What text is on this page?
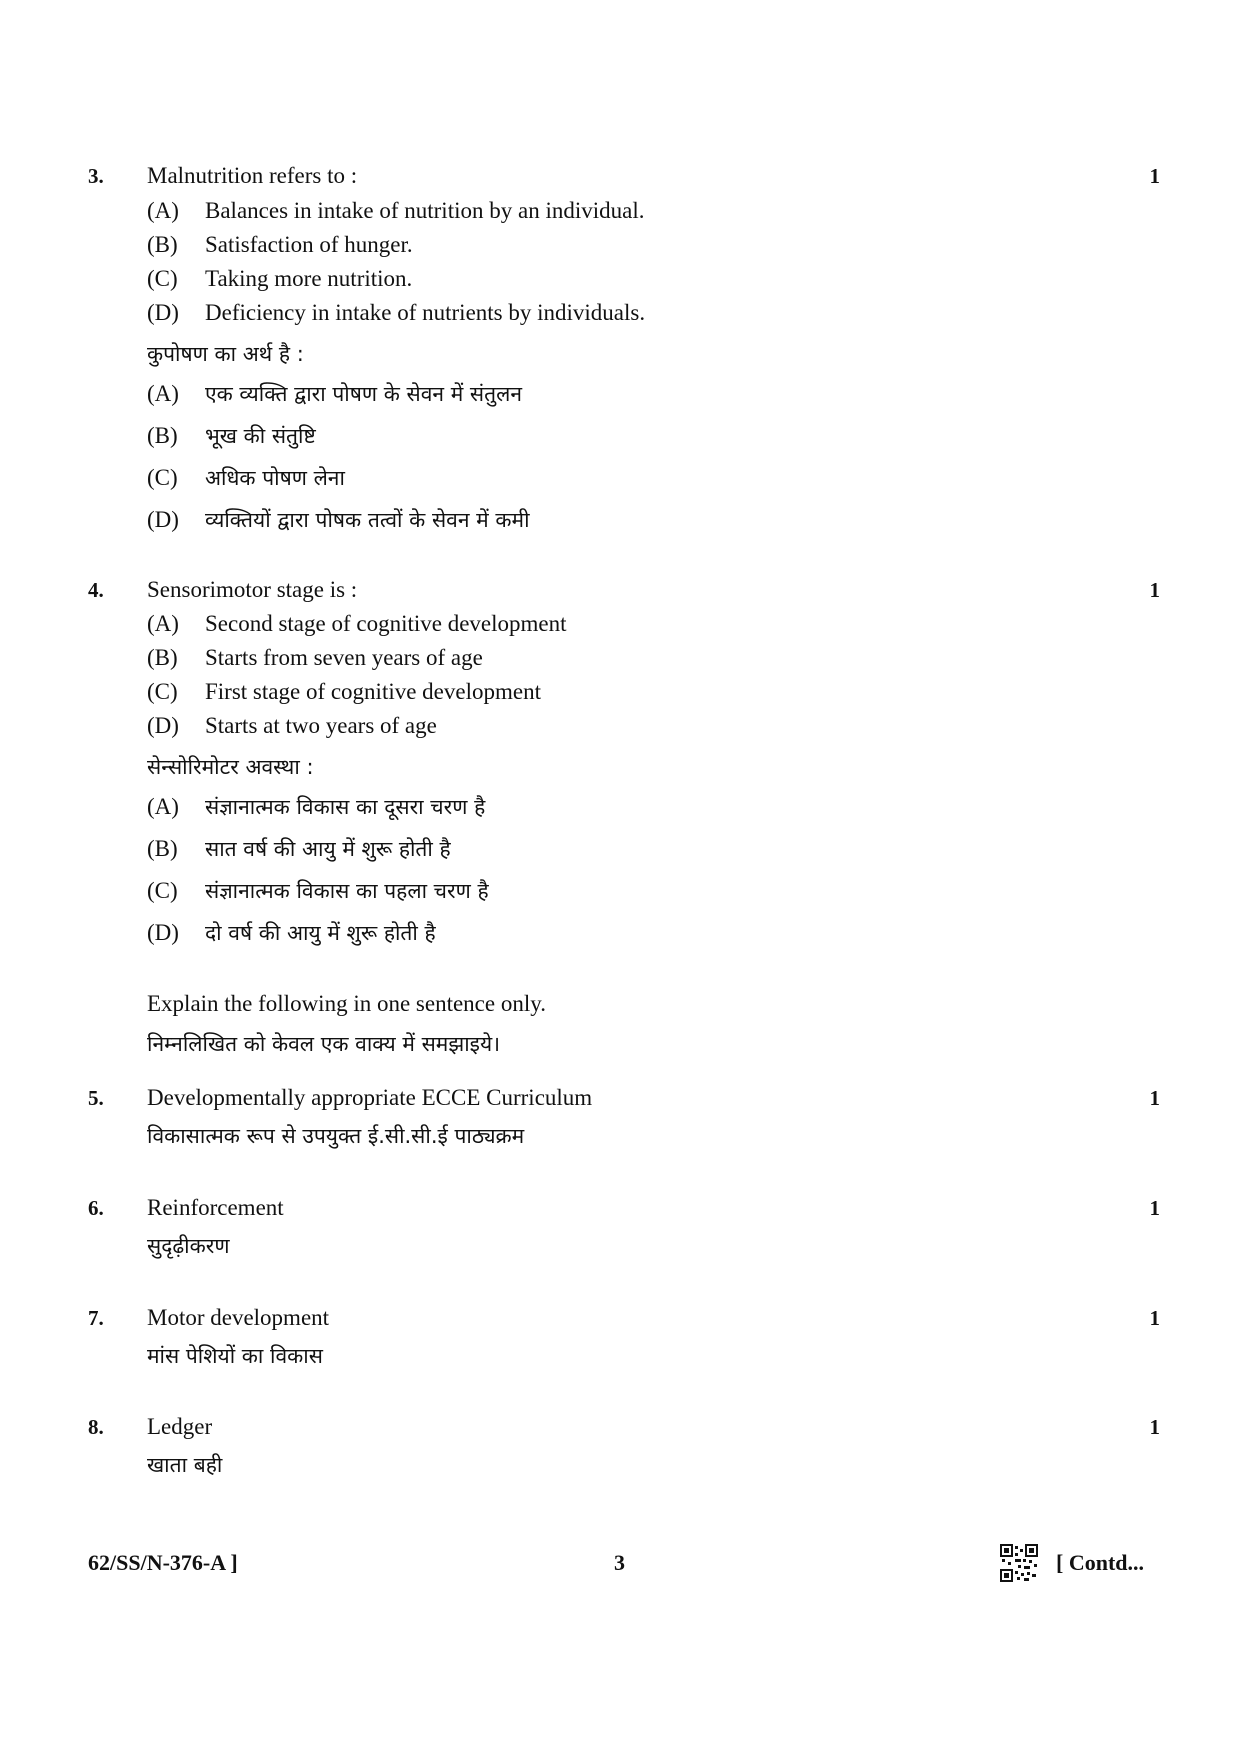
3. Malnutrition refers to :	1
(A) Balances in intake of nutrition by an individual.
(B) Satisfaction of hunger.
(C) Taking more nutrition.
(D) Deficiency in intake of nutrients by individuals.
कुपोषण का अर्थ है :
(A) एक व्यक्ति द्वारा पोषण के सेवन में संतुलन
(B) भूख की संतुष्टि
(C) अधिक पोषण लेना
(D) व्यक्तियों द्वारा पोषक तत्वों के सेवन में कमी
4. Sensorimotor stage is :	1
(A) Second stage of cognitive development
(B) Starts from seven years of age
(C) First stage of cognitive development
(D) Starts at two years of age
सेन्सोरिमोटर अवस्था :
(A) संज्ञानात्मक विकास का दूसरा चरण है
(B) सात वर्ष की आयु में शुरू होती है
(C) संज्ञानात्मक विकास का पहला चरण है
(D) दो वर्ष की आयु में शुरू होती है
Explain the following in one sentence only.
निम्नलिखित को केवल एक वाक्य में समझाइये।
5. Developmentally appropriate ECCE Curriculum	1
विकासात्मक रूप से उपयुक्त ई.सी.सी.ई पाठ्यक्रम
6. Reinforcement	1
सुदृढ़ीकरण
7. Motor development	1
मांस पेशियों का विकास
8. Ledger	1
खाता बही
62/SS/N-376-A ]	3	[ Contd...
